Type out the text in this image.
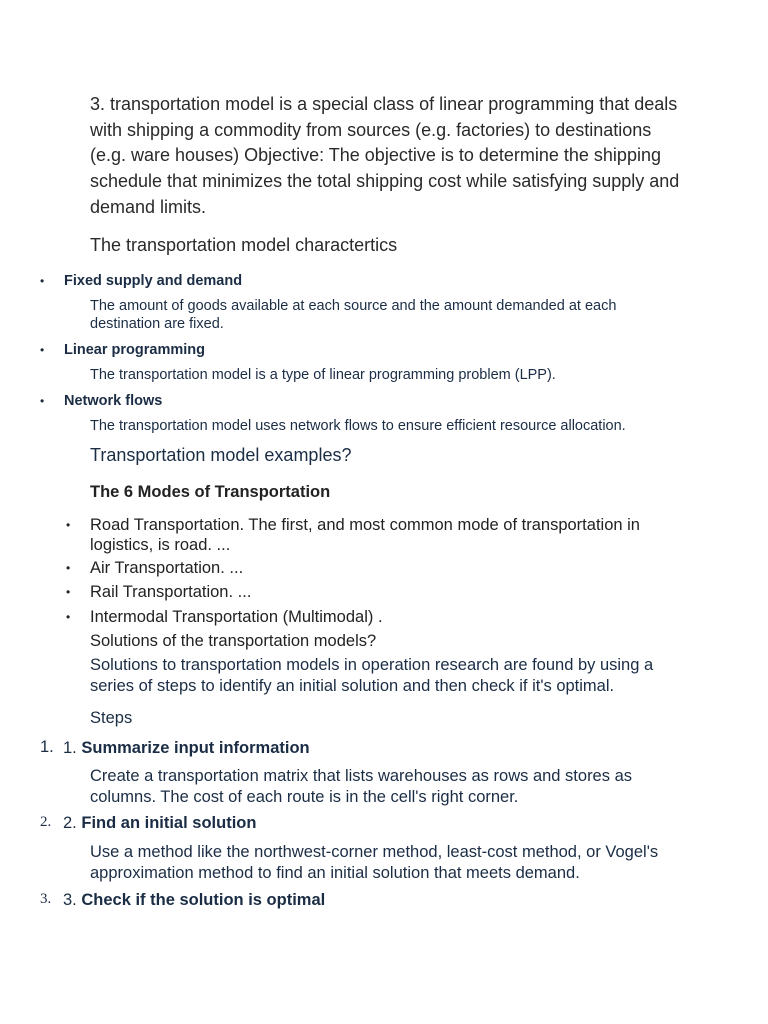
3. transportation model is a special class of linear programming that deals with shipping a commodity from sources (e.g. factories) to destinations (e.g. ware houses) Objective: The objective is to determine the shipping schedule that minimizes the total shipping cost while satisfying supply and demand limits.
The transportation model charactertics
• Fixed supply and demand
The amount of goods available at each source and the amount demanded at each destination are fixed.
• Linear programming
The transportation model is a type of linear programming problem (LPP).
• Network flows
The transportation model uses network flows to ensure efficient resource allocation.
Transportation model examples?
The 6 Modes of Transportation
• Road Transportation. The first, and most common mode of transportation in logistics, is road. ...
• Air Transportation. ...
• Rail Transportation. ...
• Intermodal Transportation (Multimodal) .
Solutions of the transportation models?
Solutions to transportation models in operation research are found by using a series of steps to identify an initial solution and then check if it's optimal.
Steps
1. 1. Summarize input information
Create a transportation matrix that lists warehouses as rows and stores as columns. The cost of each route is in the cell's right corner.
2. 2. Find an initial solution
Use a method like the northwest-corner method, least-cost method, or Vogel's approximation method to find an initial solution that meets demand.
3. 3. Check if the solution is optimal
